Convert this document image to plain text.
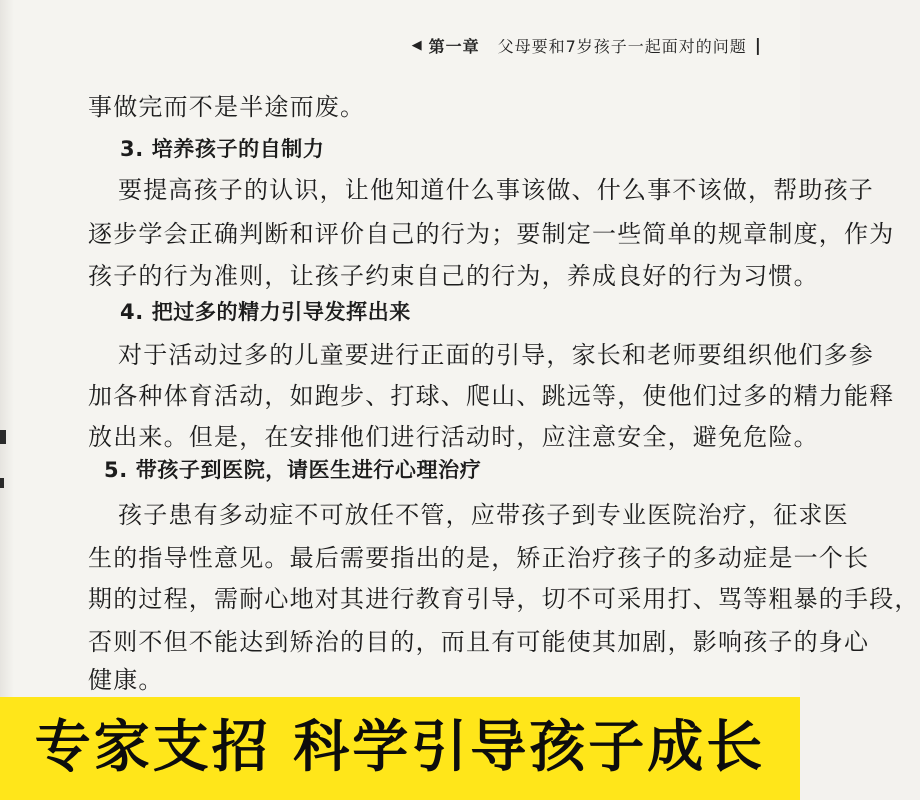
◀ 第一章 父母要和7岁孩子一起面对的问题 |
事做完而不是半途而废。
3. 培养孩子的自制力
要提高孩子的认识，让他知道什么事该做、什么事不该做，帮助孩子
逐步学会正确判断和评价自己的行为；要制定一些简单的规章制度，作为
孩子的行为准则，让孩子约束自己的行为，养成良好的行为习惯。
4. 把过多的精力引导发挥出来
对于活动过多的儿童要进行正面的引导，家长和老师要组织他们多参
加各种体育活动，如跑步、打球、爬山、跳远等，使他们过多的精力能释
放出来。但是，在安排他们进行活动时，应注意安全，避免危险。
5. 带孩子到医院，请医生进行心理治疗
孩子患有多动症不可放任不管，应带孩子到专业医院治疗，征求医
生的指导性意见。最后需要指出的是，矫正治疗孩子的多动症是一个长
期的过程，需耐心地对其进行教育引导，切不可采用打、骂等粗暴的手段，
否则不但不能达到矫治的目的，而且有可能使其加剧，影响孩子的身心
健康。
专家支招 科学引导孩子成长
